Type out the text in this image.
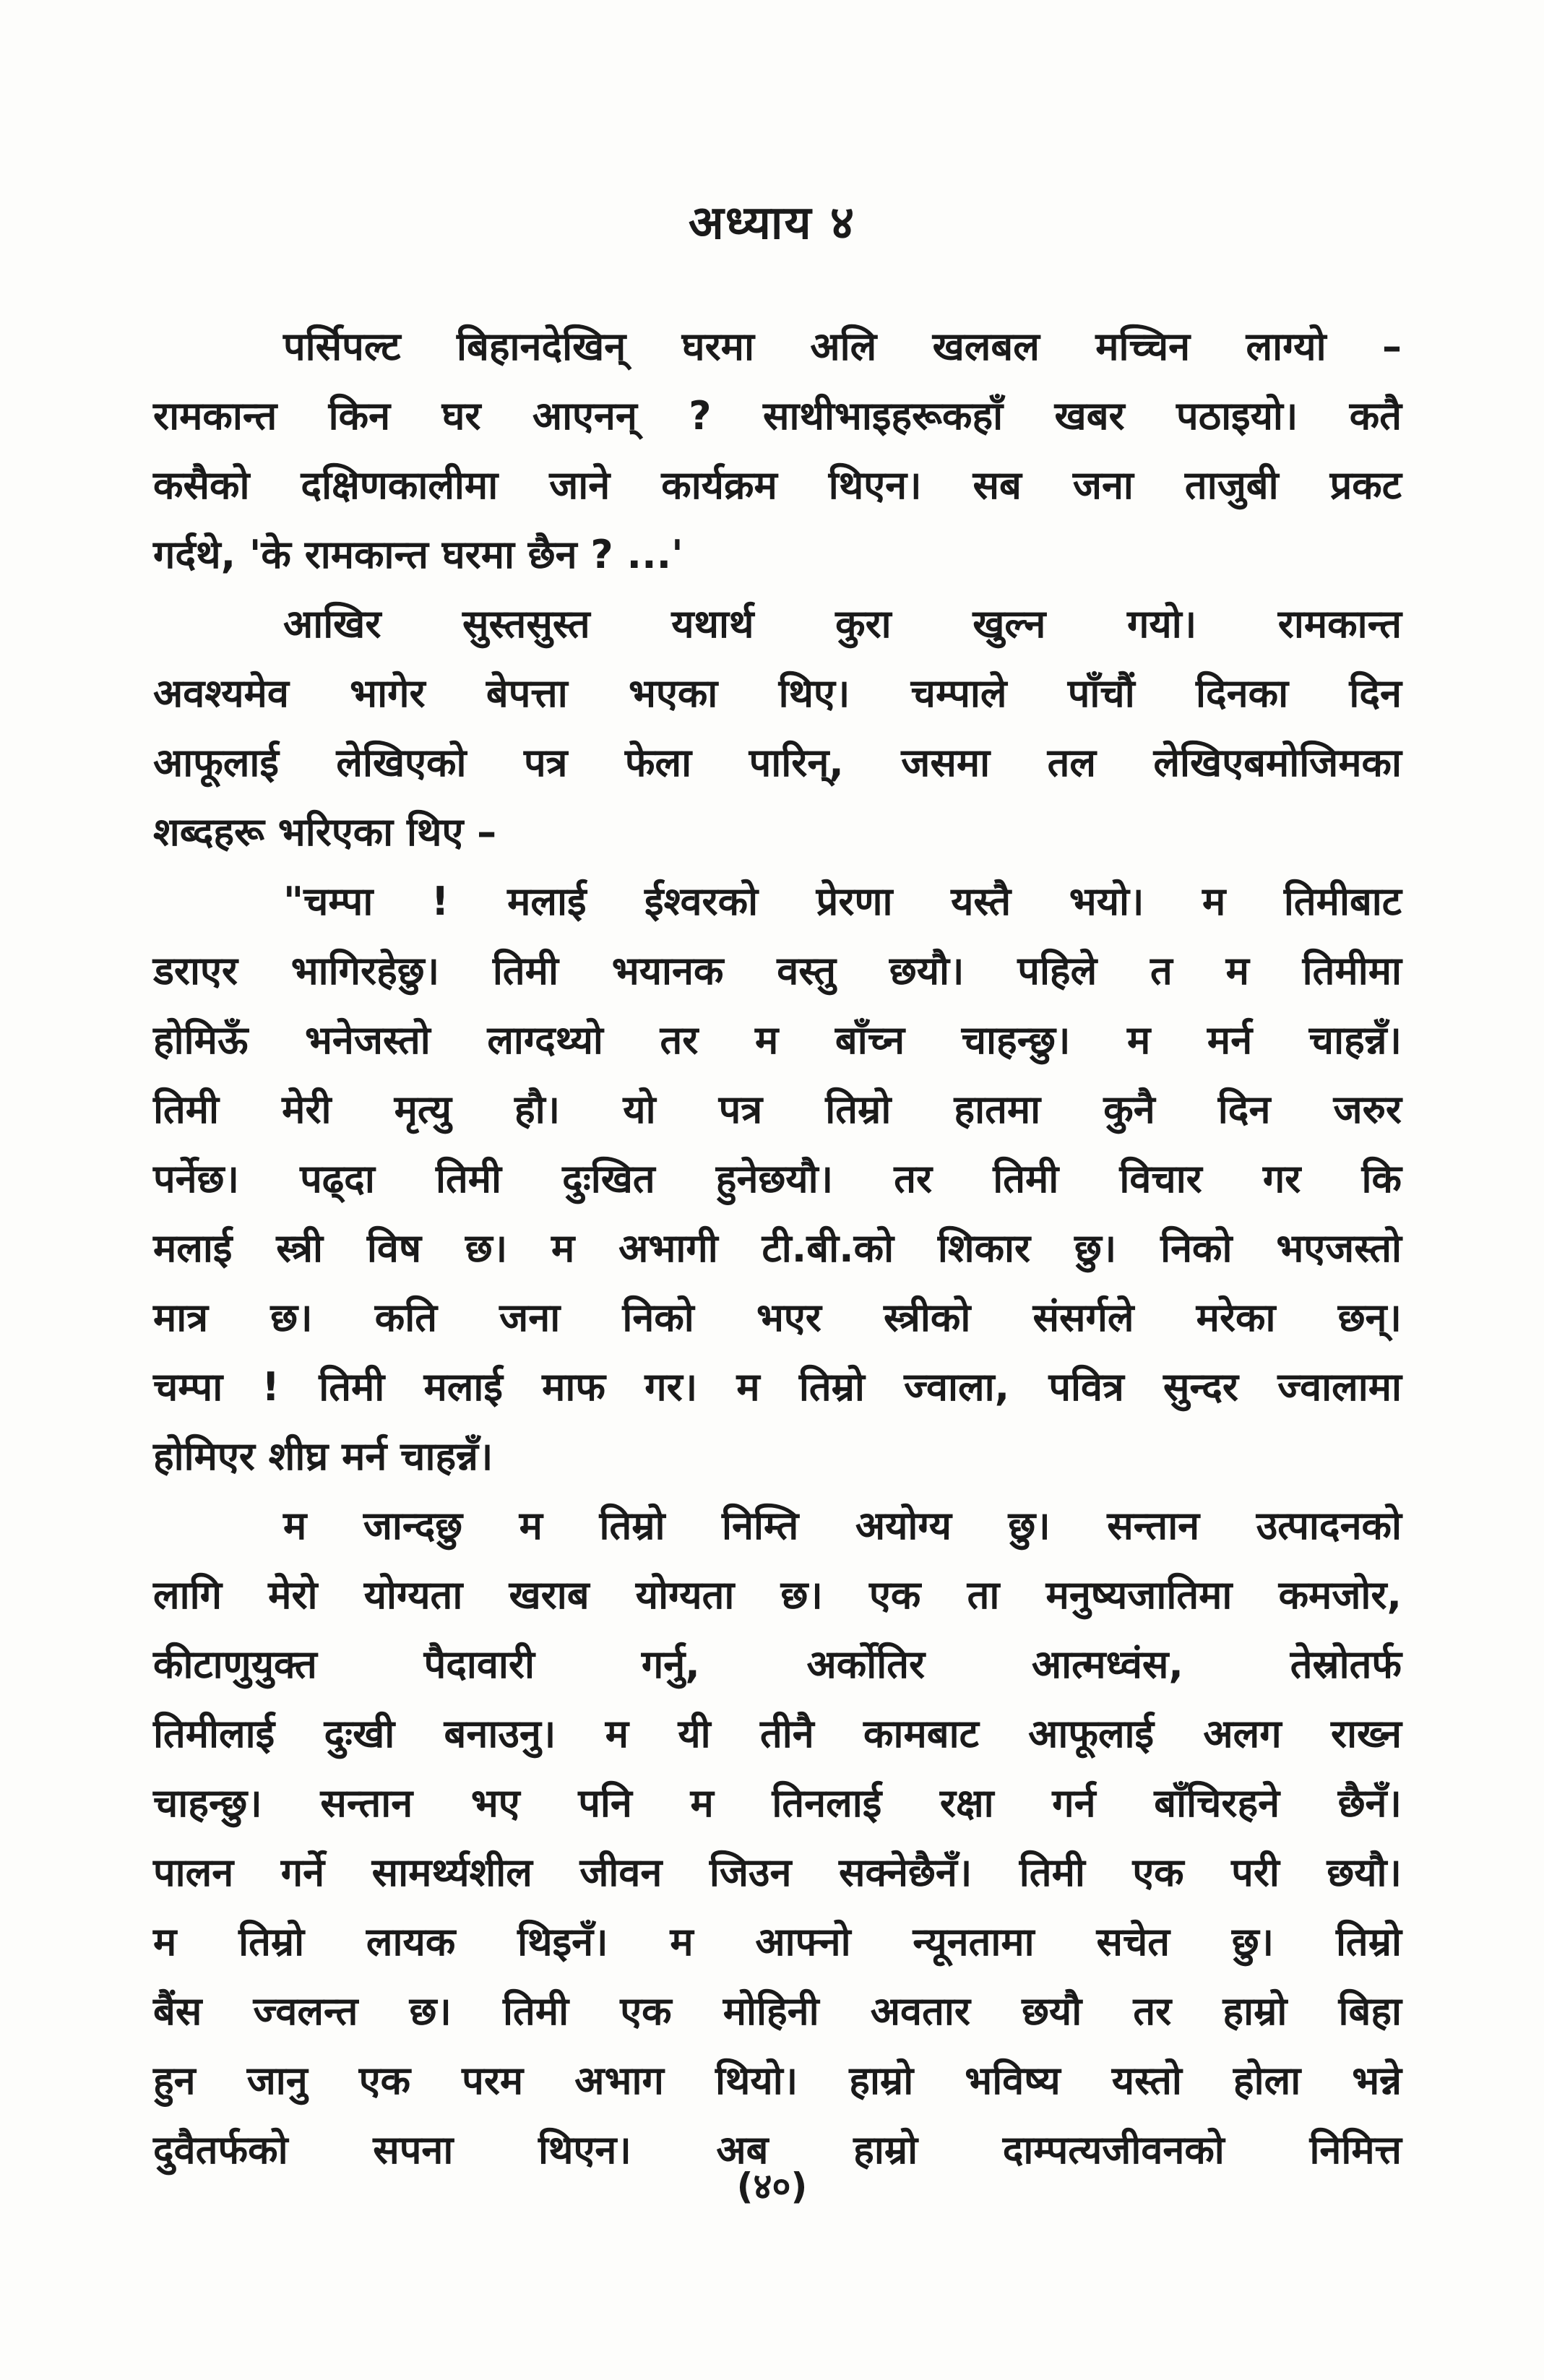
अध्याय ४

पर्सिपल्ट बिहानदेखिन् घरमा अलि खलबल मच्चिन लाग्यो –
रामकान्त किन घर आएनन् ? साथीभाइहरूकहाँ खबर पठाइयो। कतै
कसैको दक्षिणकालीमा जाने कार्यक्रम थिएन। सब जना ताजुबी प्रकट
गर्दथे, 'के रामकान्त घरमा छैन ? ...'

आखिर सुस्तसुस्त यथार्थ कुरा खुल्न गयो। रामकान्त
अवश्यमेव भागेर बेपत्ता भएका थिए। चम्पाले पाँचौं दिनका दिन
आफूलाई लेखिएको पत्र फेला पारिन्, जसमा तल लेखिएबमोजिमका
शब्दहरू भरिएका थिए –

"चम्पा ! मलाई ईश्वरको प्रेरणा यस्तै भयो। म तिमीबाट
डराएर भागिरहेछु। तिमी भयानक वस्तु छयौ। पहिले त म तिमीमा
होमिऊँ भनेजस्तो लाग्दथ्यो तर म बाँच्न चाहन्छु। म मर्न चाहन्नँ।
तिमी मेरी मृत्यु हौ। यो पत्र तिम्रो हातमा कुनै दिन जरुर
पर्नेछ। पढ्दा तिमी दुःखित हुनेछयौ। तर तिमी विचार गर कि
मलाई स्त्री विष छ। म अभागी टी.बी.को शिकार छु। निको भएजस्तो
मात्र छ। कति जना निको भएर स्त्रीको संसर्गले मरेका छन्।
चम्पा ! तिमी मलाई माफ गर। म तिम्रो ज्वाला, पवित्र सुन्दर ज्वालामा
होमिएर शीघ्र मर्न चाहन्नँ।

म जान्दछु म तिम्रो निम्ति अयोग्य छु। सन्तान उत्पादनको
लागि मेरो योग्यता खराब योग्यता छ। एक ता मनुष्यजातिमा कमजोर,
कीटाणुयुक्त पैदावारी गर्नु, अर्कोतिर आत्मध्वंस, तेस्रोतर्फ
तिमीलाई दुःखी बनाउनु। म यी तीनै कामबाट आफूलाई अलग राख्न
चाहन्छु। सन्तान भए पनि म तिनलाई रक्षा गर्न बाँचिरहने छैनँ।
पालन गर्ने सामर्थ्यशील जीवन जिउन सक्नेछैनँ। तिमी एक परी छयौ।
म तिम्रो लायक थिइनँ। म आफ्नो न्यूनतामा सचेत छु। तिम्रो
बैंस ज्वलन्त छ। तिमी एक मोहिनी अवतार छयौ तर हाम्रो बिहा
हुन जानु एक परम अभाग थियो। हाम्रो भविष्य यस्तो होला भन्ने
दुवैतर्फको सपना थिएन। अब हाम्रो दाम्पत्यजीवनको निमित्त

(४०)
